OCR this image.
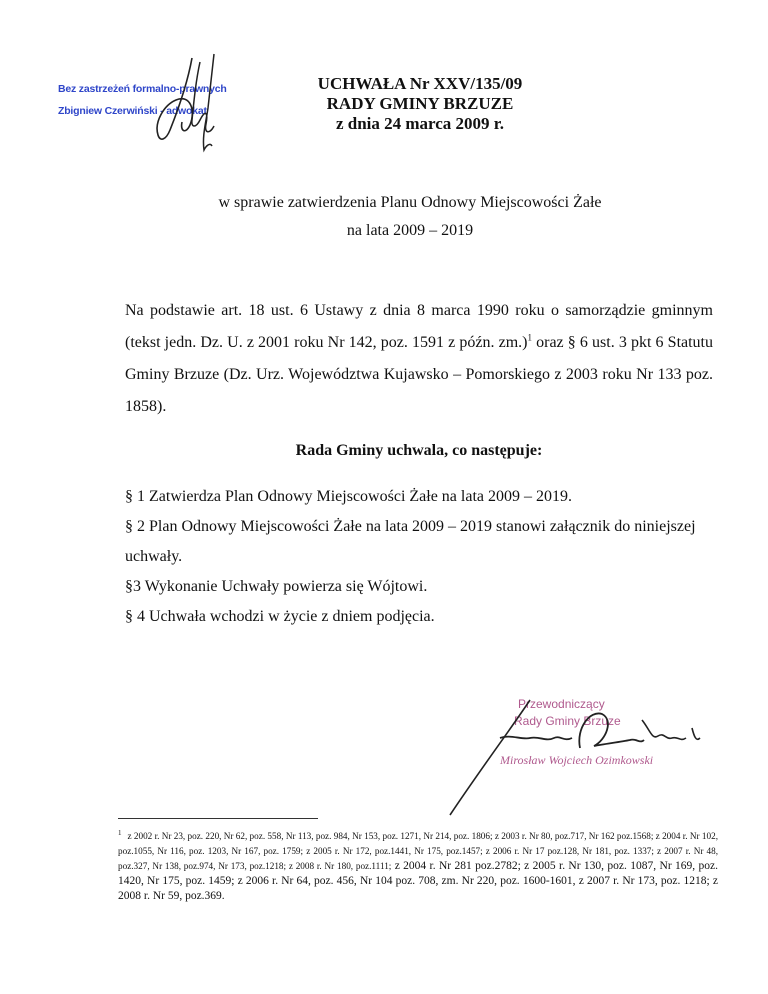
Bez zastrzeżeń formalno-prawnych
Zbigniew Czerwiński - adwokat
UCHWAŁA Nr XXV/135/09
RADY GMINY BRZUZE
z dnia 24 marca 2009 r.
w sprawie zatwierdzenia Planu Odnowy Miejscowości Żałe
na lata 2009 – 2019

Na podstawie art. 18 ust. 6 Ustawy z dnia 8 marca 1990 roku o samorządzie gminnym (tekst jedn. Dz. U. z 2001 roku Nr 142, poz. 1591 z późn. zm.)$^1$ oraz § 6 ust. 3 pkt 6 Statutu Gminy Brzuze (Dz. Urz. Województwa Kujawsko – Pomorskiego z 2003 roku Nr 133 poz. 1858).

Rada Gminy uchwala, co następuje:

§ 1 Zatwierdza Plan Odnowy Miejscowości Żałe na lata 2009 – 2019.

§ 2 Plan Odnowy Miejscowości Żałe na lata 2009 – 2019 stanowi załącznik do niniejszej uchwały.

§3 Wykonanie Uchwały powierza się Wójtowi.

§ 4 Uchwała wchodzi w życie z dniem podjęcia.

Przewodniczący
Rady Gminy Brzuze
Mirosław Wojciech Ozimkowski
$^1$ z 2002 r. Nr 23, poz. 220, Nr 62, poz. 558, Nr 113, poz. 984, Nr 153, poz. 1271, Nr 214, poz. 1806; z 2003 r. Nr 80, poz.717, Nr 162 poz.1568; z 2004 r. Nr 102, poz.1055, Nr 116, poz. 1203, Nr 167, poz. 1759; z 2005 r. Nr 172, poz.1441, Nr 175, poz.1457; z 2006 r. Nr 17 poz.128, Nr 181, poz. 1337; z 2007 r. Nr 48, poz.327, Nr 138, poz.974, Nr 173, poz.1218; z 2008 r. Nr 180, poz.1111; z 2004 r. Nr 281 poz.2782; z 2005 r. Nr 130, poz. 1087, Nr 169, poz. 1420, Nr 175, poz. 1459; z 2006 r. Nr 64, poz. 456, Nr 104 poz. 708, zm. Nr 220, poz. 1600-1601, z 2007 r. Nr 173, poz. 1218; z 2008 r. Nr 59, poz.369.
